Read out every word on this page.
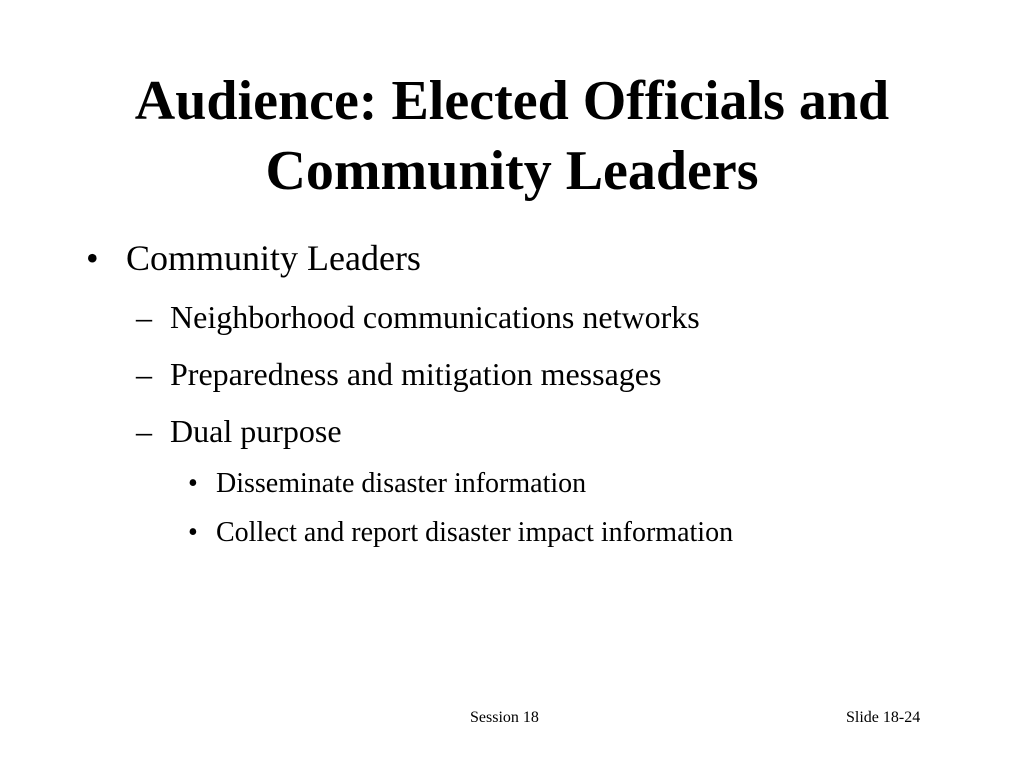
Audience: Elected Officials and
Community Leaders
• Community Leaders
– Neighborhood communications networks
– Preparedness and mitigation messages
– Dual purpose
• Disseminate disaster information
• Collect and report disaster impact information
Session 18	Slide 18-24
